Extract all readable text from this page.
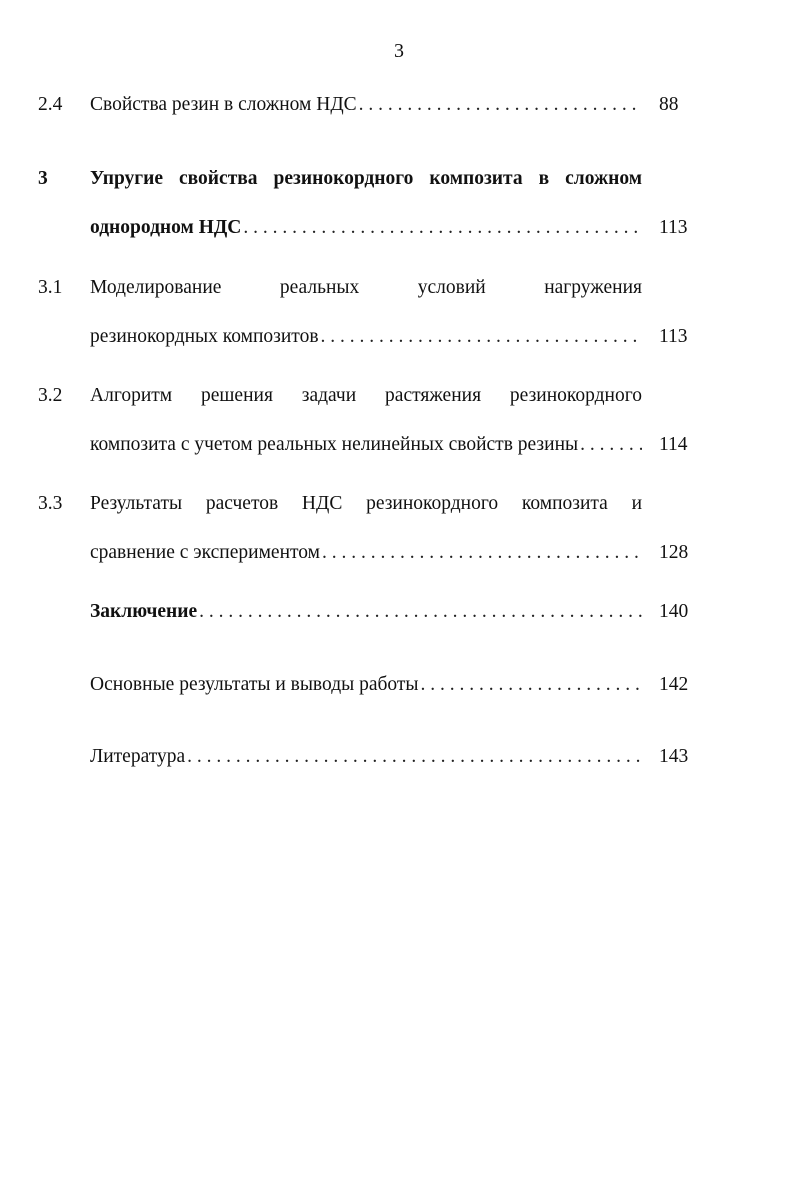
3
2.4	Свойства резин в сложном НДС . . .	88
3	Упругие свойства резинокордного композита в сложном
однородном НДС . . .	113
3.1	Моделирование реальных условий нагружения
резинокордных композитов . . .	113
3.2	Алгоритм решения задачи растяжения резинокордного
композита с учетом реальных нелинейных свойств резины . . .	114
3.3	Результаты расчетов НДС резинокордного композита и
сравнение с экспериментом . . .	128
Заключение . . .	140
Основные результаты и выводы работы . . .	142
Литература . . .	143
